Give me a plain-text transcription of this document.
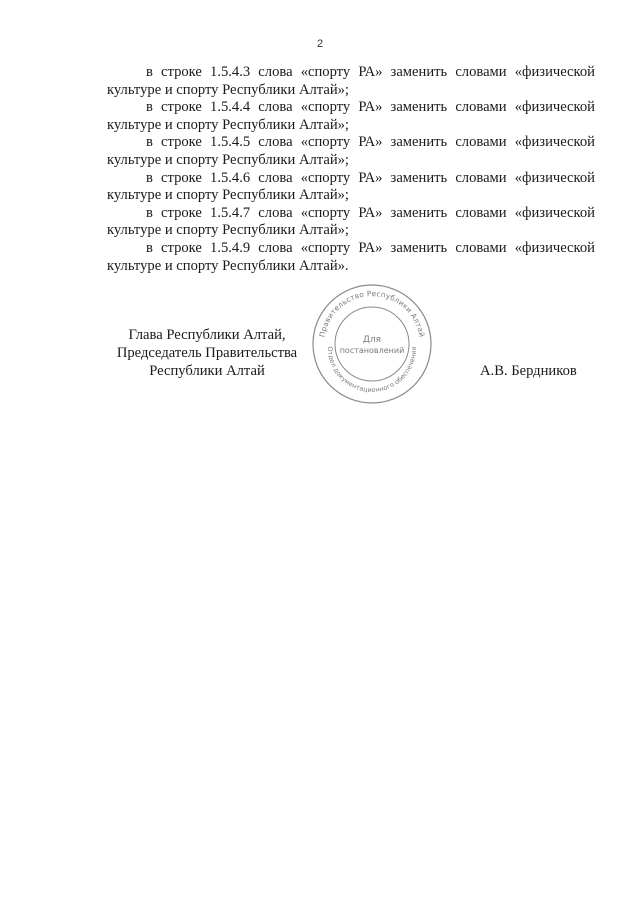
2

в строке 1.5.4.3 слова «спорту РА» заменить словами «физической культуре и спорту Республики Алтай»;

в строке 1.5.4.4 слова «спорту РА» заменить словами «физической культуре и спорту Республики Алтай»;

в строке 1.5.4.5 слова «спорту РА» заменить словами «физической культуре и спорту Республики Алтай»;

в строке 1.5.4.6 слова «спорту РА» заменить словами «физической культуре и спорту Республики Алтай»;

в строке 1.5.4.7 слова «спорту РА» заменить словами «физической культуре и спорту Республики Алтай»;

в строке 1.5.4.9 слова «спорту РА» заменить словами «физической культуре и спорту Республики Алтай».

Глава Республики Алтай,
Председатель Правительства
Республики Алтай
Правительство Республики Алтай
Отдел документационного обеспечения
Для
постановлений
А.В. Бердников
